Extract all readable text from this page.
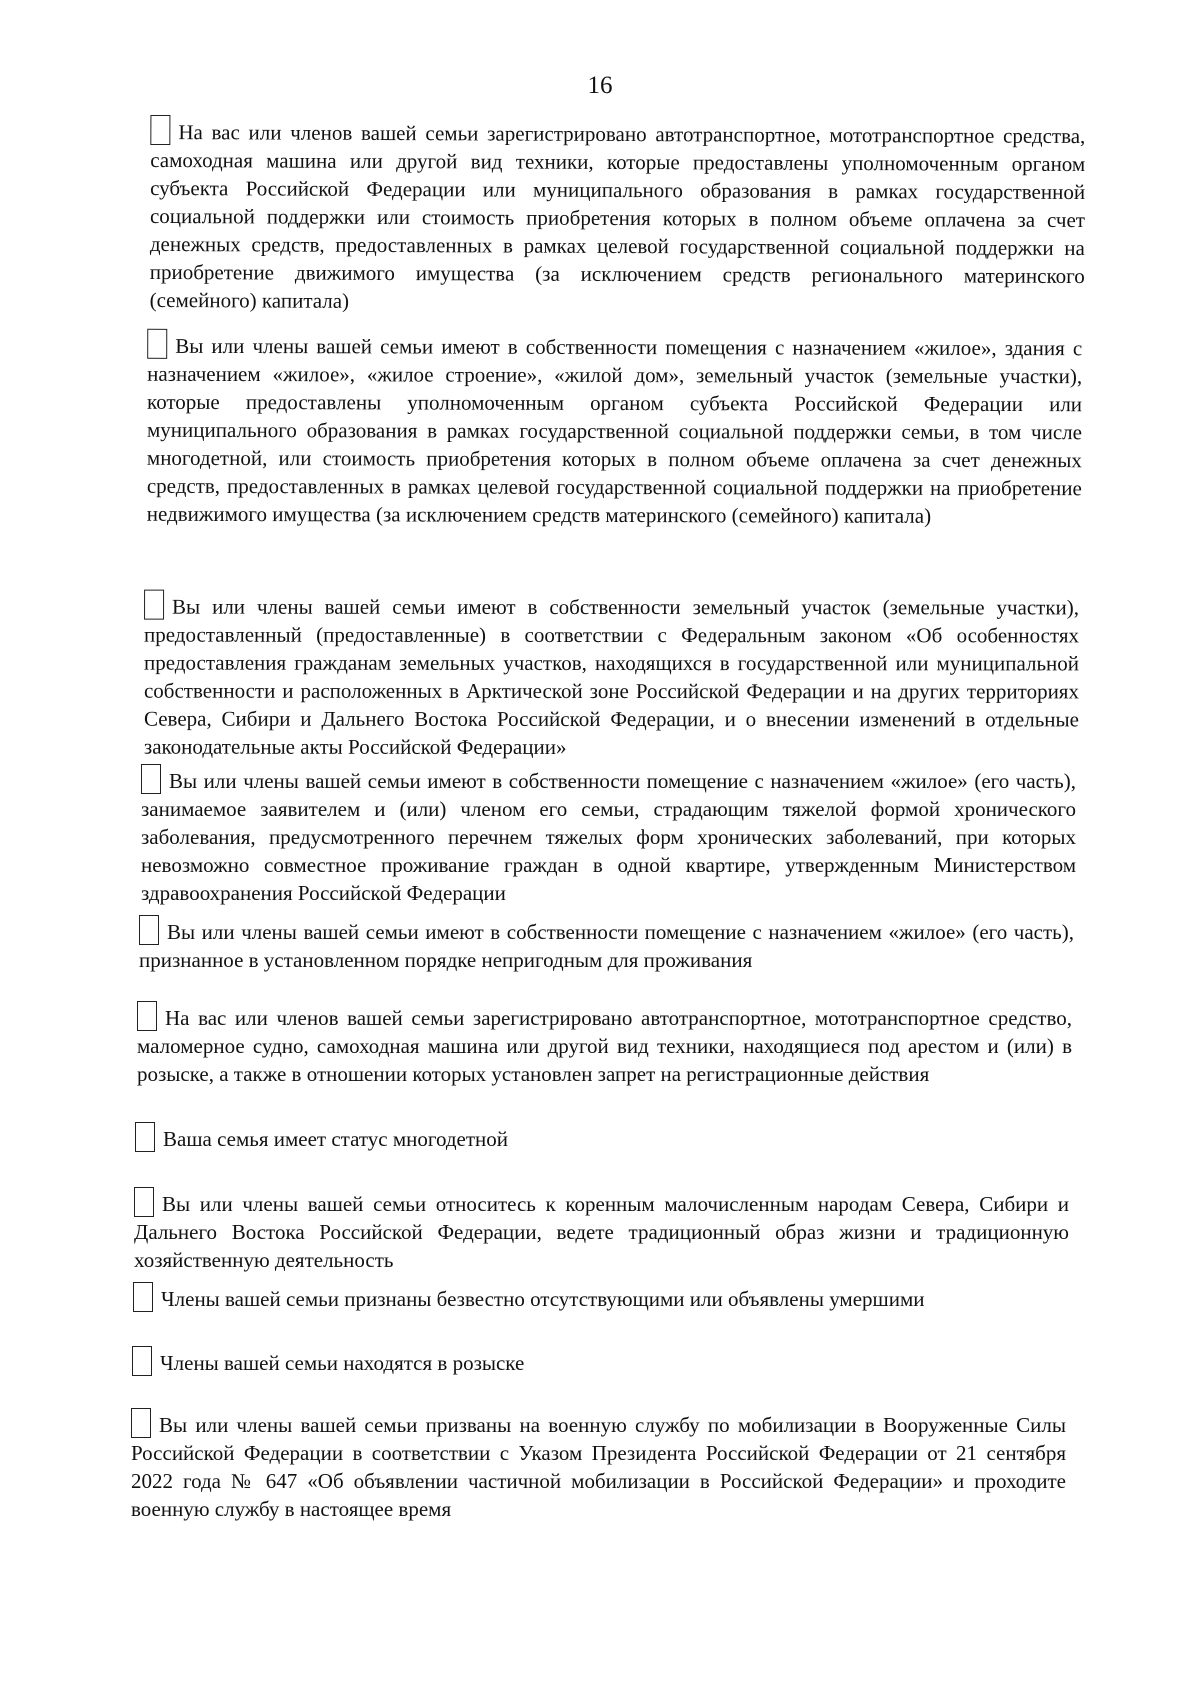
16
На вас или членов вашей семьи зарегистрировано автотранспортное, мототранспортное средства, самоходная машина или другой вид техники, которые предоставлены уполномоченным органом субъекта Российской Федерации или муниципального образования в рамках государственной социальной поддержки или стоимость приобретения которых в полном объеме оплачена за счет денежных средств, предоставленных в рамках целевой государственной социальной поддержки на приобретение движимого имущества (за исключением средств регионального материнского (семейного) капитала)
Вы или члены вашей семьи имеют в собственности помещения с назначением «жилое», здания с назначением «жилое», «жилое строение», «жилой дом», земельный участок (земельные участки), которые предоставлены уполномоченным органом субъекта Российской Федерации или муниципального образования в рамках государственной социальной поддержки семьи, в том числе многодетной, или стоимость приобретения которых в полном объеме оплачена за счет денежных средств, предоставленных в рамках целевой государственной социальной поддержки на приобретение недвижимого имущества (за исключением средств материнского (семейного) капитала)
Вы или члены вашей семьи имеют в собственности земельный участок (земельные участки), предоставленный (предоставленные) в соответствии с Федеральным законом «Об особенностях предоставления гражданам земельных участков, находящихся в государственной или муниципальной собственности и расположенных в Арктической зоне Российской Федерации и на других территориях Севера, Сибири и Дальнего Востока Российской Федерации, и о внесении изменений в отдельные законодательные акты Российской Федерации»
Вы или члены вашей семьи имеют в собственности помещение с назначением «жилое» (его часть), занимаемое заявителем и (или) членом его семьи, страдающим тяжелой формой хронического заболевания, предусмотренного перечнем тяжелых форм хронических заболеваний, при которых невозможно совместное проживание граждан в одной квартире, утвержденным Министерством здравоохранения Российской Федерации
Вы или члены вашей семьи имеют в собственности помещение с назначением «жилое» (его часть), признанное в установленном порядке непригодным для проживания
На вас или членов вашей семьи зарегистрировано автотранспортное, мототранспортное средство, маломерное судно, самоходная машина или другой вид техники, находящиеся под арестом и (или) в розыске, а также в отношении которых установлен запрет на регистрационные действия
Ваша семья имеет статус многодетной
Вы или члены вашей семьи относитесь к коренным малочисленным народам Севера, Сибири и Дальнего Востока Российской Федерации, ведете традиционный образ жизни и традиционную хозяйственную деятельность
Члены вашей семьи признаны безвестно отсутствующими или объявлены умершими
Члены вашей семьи находятся в розыске
Вы или члены вашей семьи призваны на военную службу по мобилизации в Вооруженные Силы Российской Федерации в соответствии с Указом Президента Российской Федерации от 21 сентября 2022 года № 647 «Об объявлении частичной мобилизации в Российской Федерации» и проходите военную службу в настоящее время
